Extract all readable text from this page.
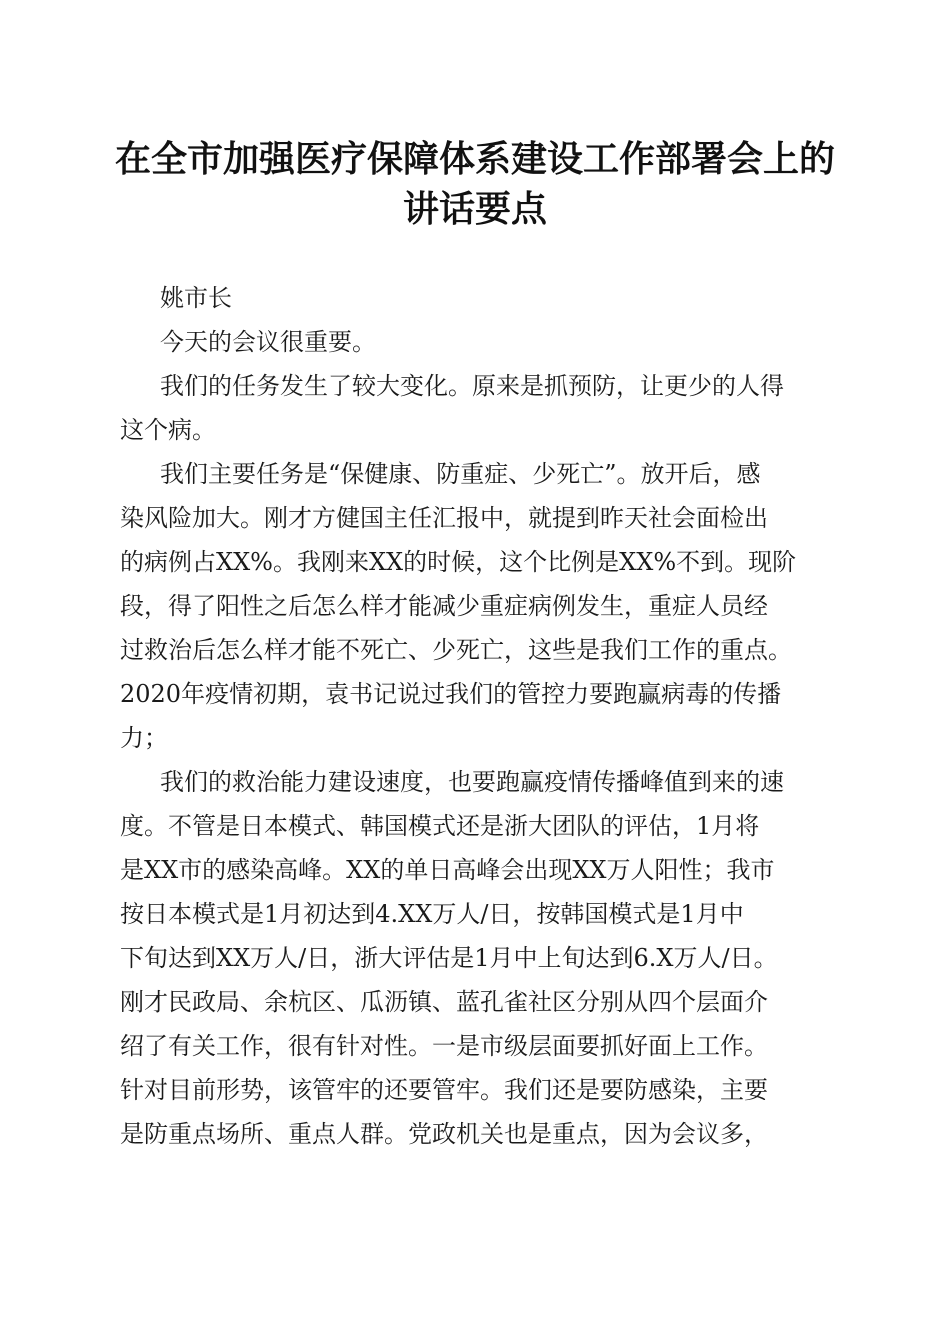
在全市加强医疗保障体系建设工作部署会上的
讲话要点
姚市长
今天的会议很重要。
我们的任务发生了较大变化。原来是抓预防，让更少的人得
这个病。
我们主要任务是“保健康、防重症、少死亡”。放开后，感
染风险加大。刚才方健国主任汇报中，就提到昨天社会面检出
的病例占XX%。我刚来XX的时候，这个比例是XX%不到。现阶
段，得了阳性之后怎么样才能减少重症病例发生，重症人员经
过救治后怎么样才能不死亡、少死亡，这些是我们工作的重点。
2020年疫情初期，袁书记说过我们的管控力要跑赢病毒的传播
力；
我们的救治能力建设速度，也要跑赢疫情传播峰值到来的速
度。不管是日本模式、韩国模式还是浙大团队的评估，1月将
是XX市的感染高峰。XX的单日高峰会出现XX万人阳性；我市
按日本模式是1月初达到4.XX万人/日，按韩国模式是1月中
下旬达到XX万人/日，浙大评估是1月中上旬达到6.X万人/日。
刚才民政局、余杭区、瓜沥镇、蓝孔雀社区分别从四个层面介
绍了有关工作，很有针对性。一是市级层面要抓好面上工作。
针对目前形势，该管牢的还要管牢。我们还是要防感染，主要
是防重点场所、重点人群。党政机关也是重点，因为会议多，
